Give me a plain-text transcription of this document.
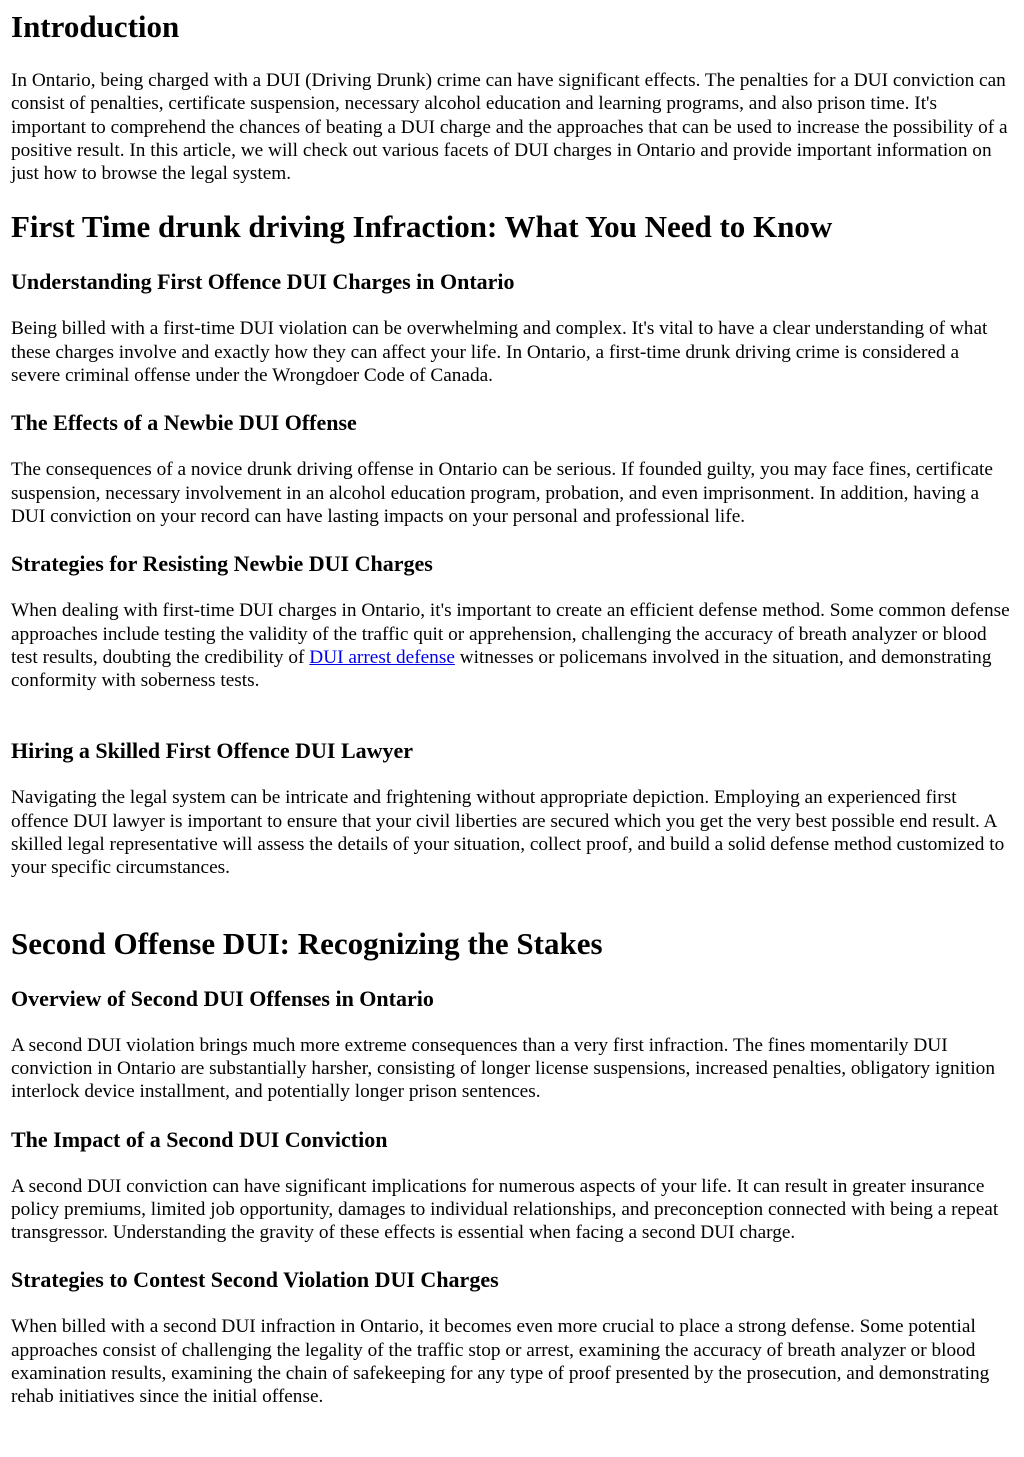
Introduction

In Ontario, being charged with a DUI (Driving Drunk) crime can have significant effects. The penalties for a DUI conviction can consist of penalties, certificate suspension, necessary alcohol education and learning programs, and also prison time. It's important to comprehend the chances of beating a DUI charge and the approaches that can be used to increase the possibility of a positive result. In this article, we will check out various facets of DUI charges in Ontario and provide important information on just how to browse the legal system.

First Time drunk driving Infraction: What You Need to Know
Understanding First Offence DUI Charges in Ontario

Being billed with a first-time DUI violation can be overwhelming and complex. It's vital to have a clear understanding of what these charges involve and exactly how they can affect your life. In Ontario, a first-time drunk driving crime is considered a severe criminal offense under the Wrongdoer Code of Canada.

The Effects of a Newbie DUI Offense

The consequences of a novice drunk driving offense in Ontario can be serious. If founded guilty, you may face fines, certificate suspension, necessary involvement in an alcohol education program, probation, and even imprisonment. In addition, having a DUI conviction on your record can have lasting impacts on your personal and professional life.

Strategies for Resisting Newbie DUI Charges

When dealing with first-time DUI charges in Ontario, it's important to create an efficient defense method. Some common defense approaches include testing the validity of the traffic quit or apprehension, challenging the accuracy of breath analyzer or blood test results, doubting the credibility of DUI arrest defense witnesses or policemans involved in the situation, and demonstrating conformity with soberness tests.

Hiring a Skilled First Offence DUI Lawyer

Navigating the legal system can be intricate and frightening without appropriate depiction. Employing an experienced first offence DUI lawyer is important to ensure that your civil liberties are secured which you get the very best possible end result. A skilled legal representative will assess the details of your situation, collect proof, and build a solid defense method customized to your specific circumstances.

Second Offense DUI: Recognizing the Stakes
Overview of Second DUI Offenses in Ontario

A second DUI violation brings much more extreme consequences than a very first infraction. The fines momentarily DUI conviction in Ontario are substantially harsher, consisting of longer license suspensions, increased penalties, obligatory ignition interlock device installment, and potentially longer prison sentences.

The Impact of a Second DUI Conviction

A second DUI conviction can have significant implications for numerous aspects of your life. It can result in greater insurance policy premiums, limited job opportunity, damages to individual relationships, and preconception connected with being a repeat transgressor. Understanding the gravity of these effects is essential when facing a second DUI charge.

Strategies to Contest Second Violation DUI Charges

When billed with a second DUI infraction in Ontario, it becomes even more crucial to place a strong defense. Some potential approaches consist of challenging the legality of the traffic stop or arrest, examining the accuracy of breath analyzer or blood examination results, examining the chain of safekeeping for any type of proof presented by the prosecution, and demonstrating rehab initiatives since the initial offense.
